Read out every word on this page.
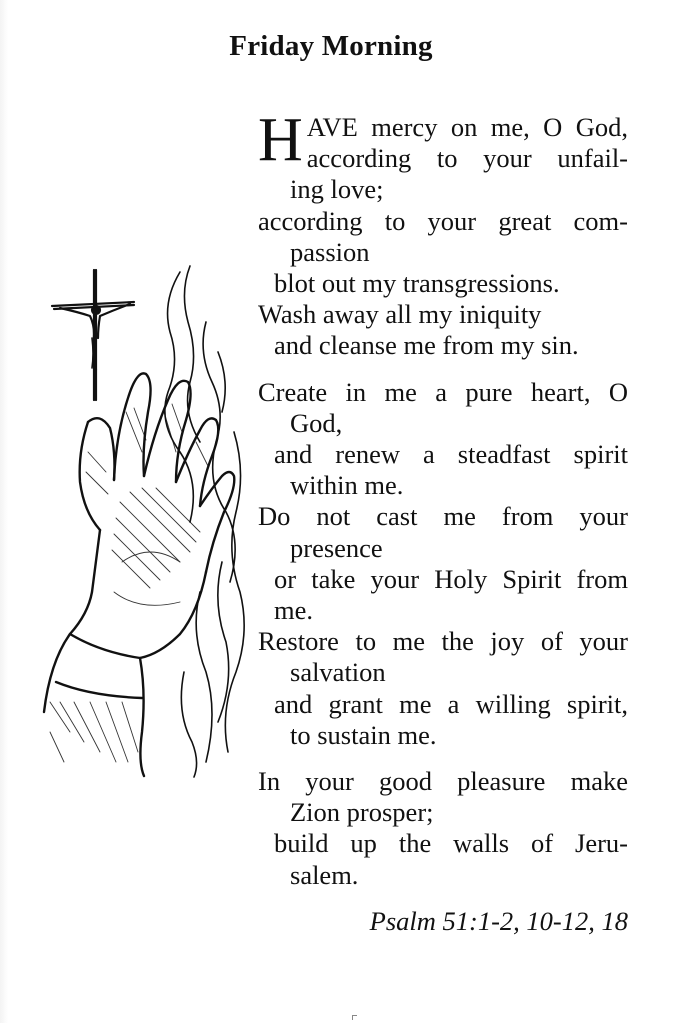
Friday Morning
H AVE mercy on me, O God,
according to your unfail-
ing love;
according to your great com-
passion
blot out my transgressions.
Wash away all my iniquity
and cleanse me from my sin.
Create in me a pure heart, O
God,
and renew a steadfast spirit
within me.
Do not cast me from your
presence
or take your Holy Spirit from
me.
Restore to me the joy of your
salvation
and grant me a willing spirit,
to sustain me.
In your good pleasure make
Zion prosper;
build up the walls of Jeru-
salem.
Psalm 51:1-2, 10-12, 18
